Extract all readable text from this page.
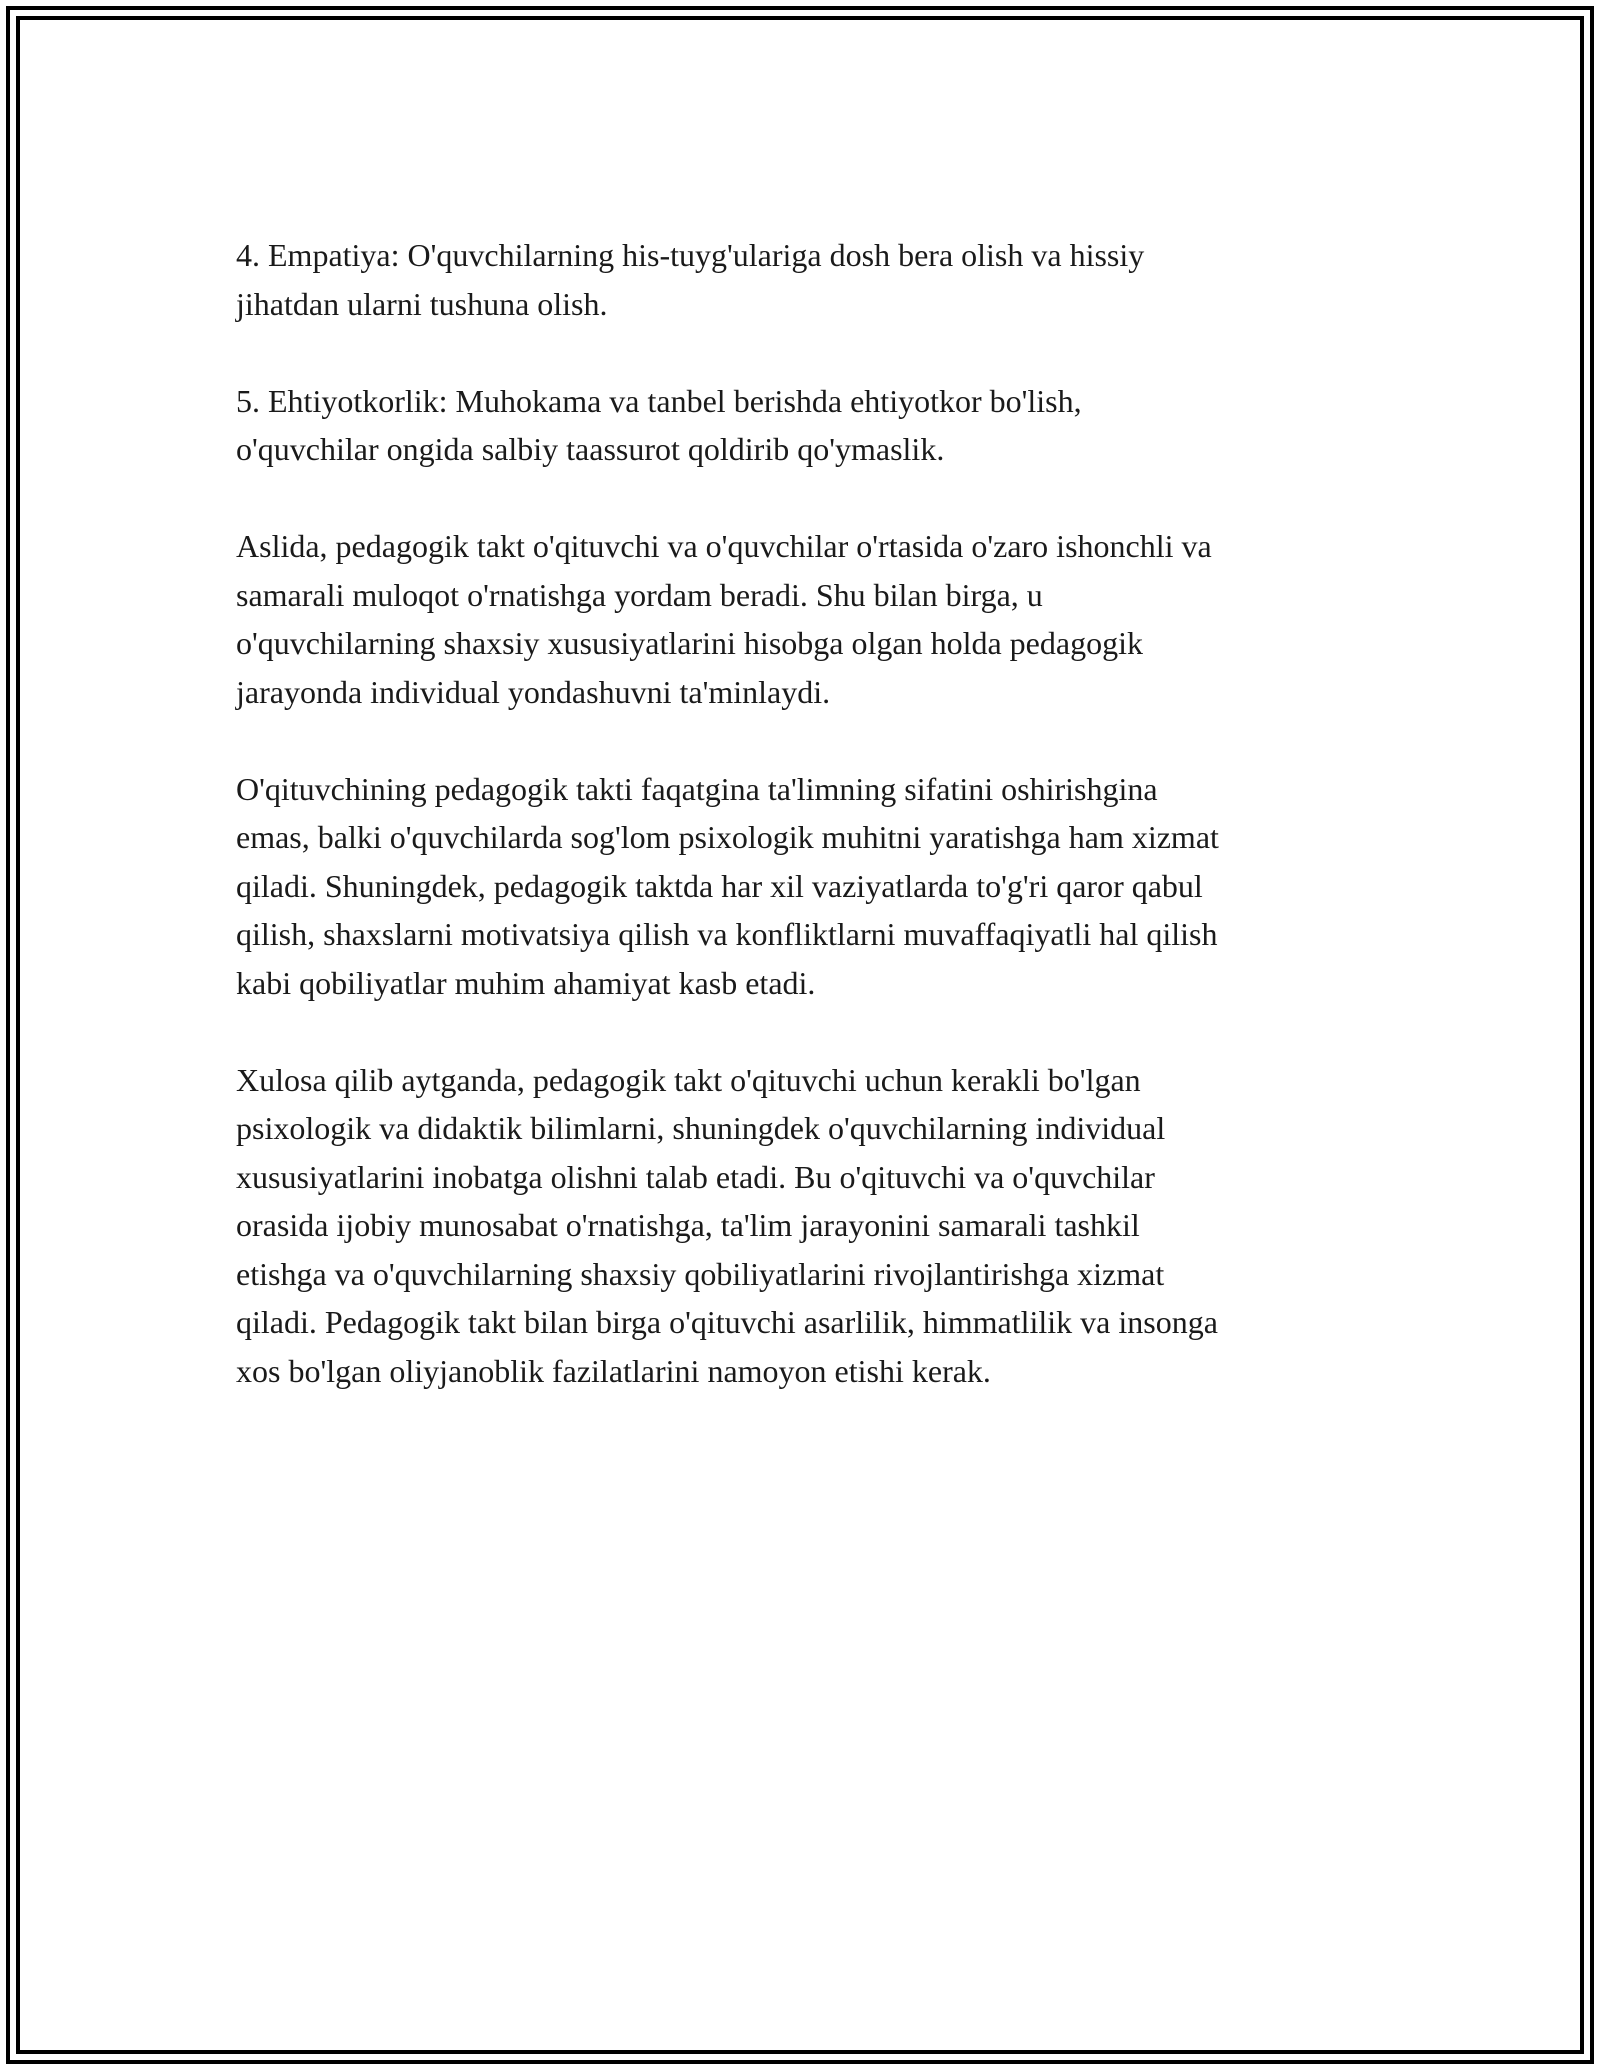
4. Empatiya: O'quvchilarning his-tuyg'ulariga dosh bera olish va hissiy
jihatdan ularni tushuna olish.

5. Ehtiyotkorlik: Muhokama va tanbel berishda ehtiyotkor bo'lish,
o'quvchilar ongida salbiy taassurot qoldirib qo'ymaslik.

Aslida, pedagogik takt o'qituvchi va o'quvchilar o'rtasida o'zaro ishonchli va
samarali muloqot o'rnatishga yordam beradi. Shu bilan birga, u
o'quvchilarning shaxsiy xususiyatlarini hisobga olgan holda pedagogik
jarayonda individual yondashuvni ta'minlaydi.

O'qituvchining pedagogik takti faqatgina ta'limning sifatini oshirishgina
emas, balki o'quvchilarda sog'lom psixologik muhitni yaratishga ham xizmat
qiladi. Shuningdek, pedagogik taktda har xil vaziyatlarda to'g'ri qaror qabul
qilish, shaxslarni motivatsiya qilish va konfliktlarni muvaffaqiyatli hal qilish
kabi qobiliyatlar muhim ahamiyat kasb etadi.

Xulosa qilib aytganda, pedagogik takt o'qituvchi uchun kerakli bo'lgan
psixologik va didaktik bilimlarni, shuningdek o'quvchilarning individual
xususiyatlarini inobatga olishni talab etadi. Bu o'qituvchi va o'quvchilar
orasida ijobiy munosabat o'rnatishga, ta'lim jarayonini samarali tashkil
etishga va o'quvchilarning shaxsiy qobiliyatlarini rivojlantirishga xizmat
qiladi. Pedagogik takt bilan birga o'qituvchi asarlilik, himmatlilik va insonga
xos bo'lgan oliyjanoblik fazilatlarini namoyon etishi kerak.
